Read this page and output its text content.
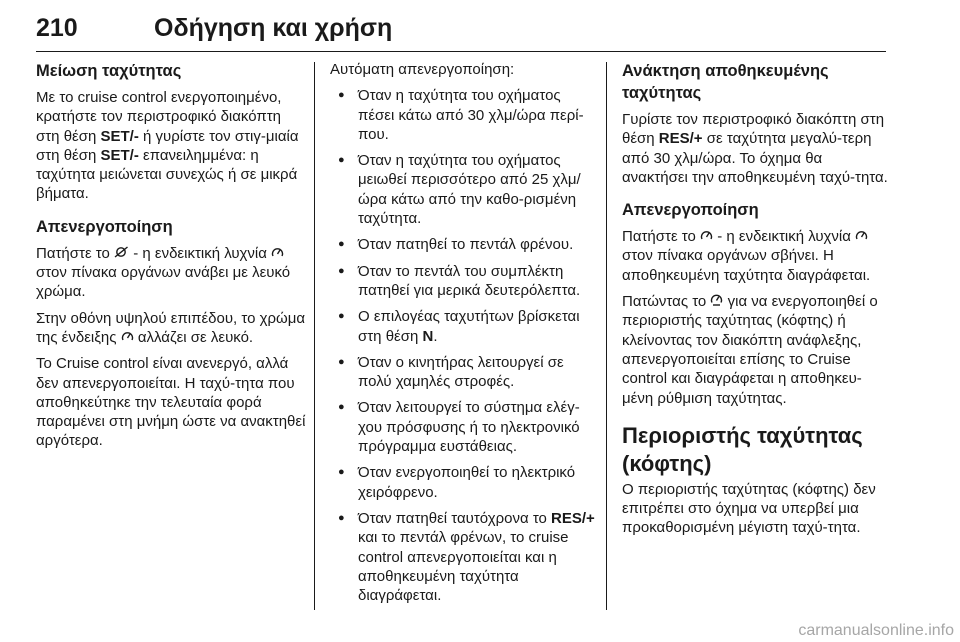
210	Οδήγηση και χρήση
Μείωση ταχύτητας
Με το cruise control ενεργοποιημένο, κρατήστε τον περιστροφικό διακόπτη στη θέση SET/- ή γυρίστε τον στιγ-μιαία στη θέση SET/- επανειλημμένα: η ταχύτητα μειώνεται συνεχώς ή σε μικρά βήματα.
Απενεργοποίηση
Πατήστε το  - η ενδεικτική λυχνία  στον πίνακα οργάνων ανάβει με λευκό χρώμα.
Στην οθόνη υψηλού επιπέδου, το χρώμα της ένδειξης  αλλάζει σε λευκό.
Το Cruise control είναι ανενεργό, αλλά δεν απενεργοποιείται. Η ταχύ-τητα που αποθηκεύτηκε την τελευταία φορά παραμένει στη μνήμη ώστε να ανακτηθεί αργότερα.
Αυτόματη απενεργοποίηση:
● Όταν η ταχύτητα του οχήματος πέσει κάτω από 30 χλμ/ώρα περί-που.
● Όταν η ταχύτητα του οχήματος μειωθεί περισσότερο από 25 χλμ/ώρα κάτω από την καθο-ρισμένη ταχύτητα.
● Όταν πατηθεί το πεντάλ φρένου.
● Όταν το πεντάλ του συμπλέκτη πατηθεί για μερικά δευτερόλεπτα.
● Ο επιλογέας ταχυτήτων βρίσκεται στη θέση N.
● Όταν ο κινητήρας λειτουργεί σε πολύ χαμηλές στροφές.
● Όταν λειτουργεί το σύστημα ελέγ-χου πρόσφυσης ή το ηλεκτρονικό πρόγραμμα ευστάθειας.
● Όταν ενεργοποιηθεί το ηλεκτρικό χειρόφρενο.
● Όταν πατηθεί ταυτόχρονα το RES/+ και το πεντάλ φρένων, το cruise control απενεργοποιείται και η αποθηκευμένη ταχύτητα διαγράφεται.
Ανάκτηση αποθηκευμένης ταχύτητας
Γυρίστε τον περιστροφικό διακόπτη στη θέση RES/+ σε ταχύτητα μεγαλύ-τερη από 30 χλμ/ώρα. Το όχημα θα ανακτήσει την αποθηκευμένη ταχύ-τητα.
Απενεργοποίηση
Πατήστε το  - η ενδεικτική λυχνία  στον πίνακα οργάνων σβήνει. Η αποθηκευμένη ταχύτητα διαγράφεται.
Πατώντας το  για να ενεργοποιηθεί ο περιοριστής ταχύτητας (κόφτης) ή κλείνοντας τον διακόπτη ανάφλεξης, απενεργοποιείται επίσης το Cruise control και διαγράφεται η αποθηκευ-μένη ρύθμιση ταχύτητας.
Περιοριστής ταχύτητας (κόφτης)
Ο περιοριστής ταχύτητας (κόφτης) δεν επιτρέπει στο όχημα να υπερβεί μια προκαθορισμένη μέγιστη ταχύ-τητα.
carmanualsonline.info
